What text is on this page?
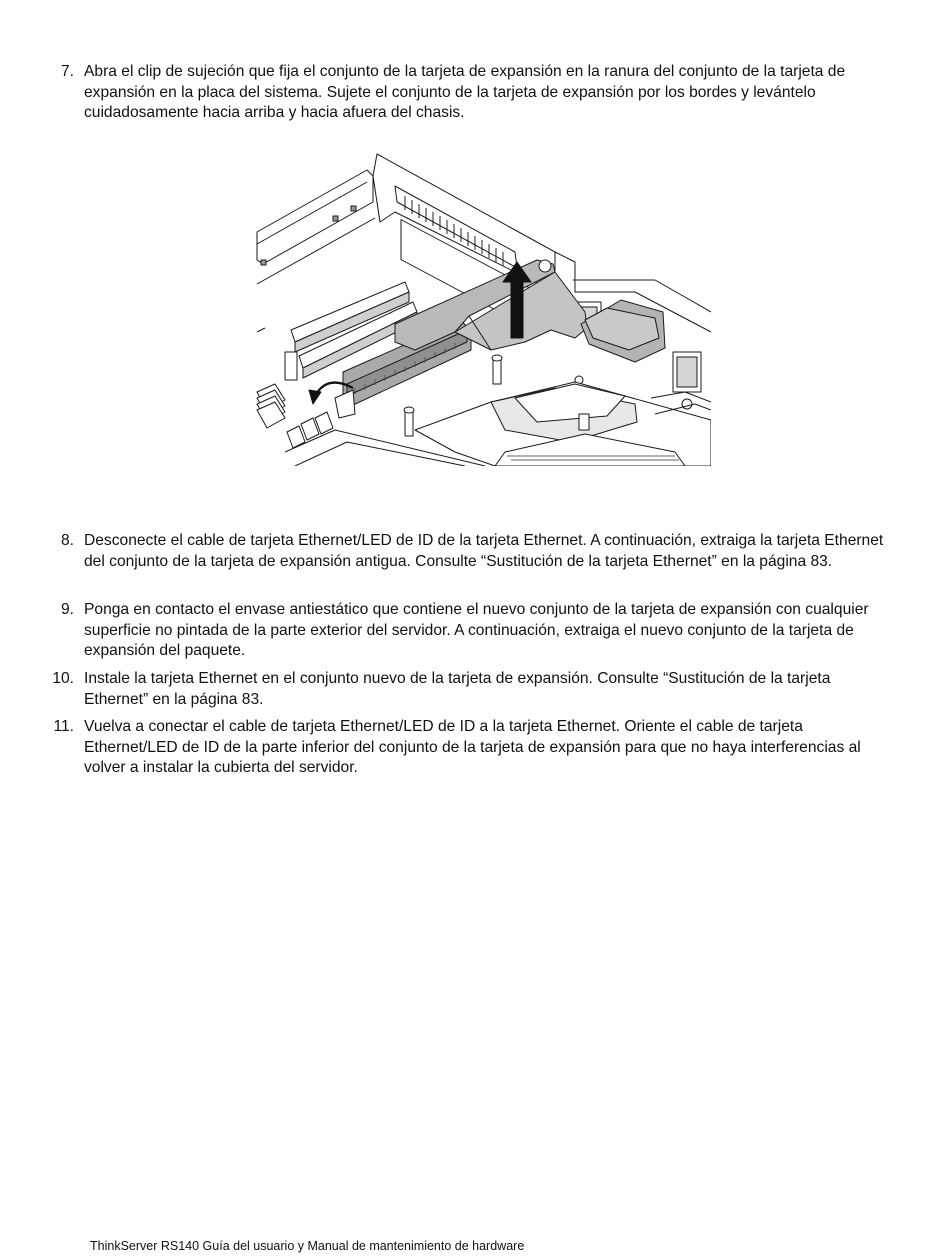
7. Abra el clip de sujeción que fija el conjunto de la tarjeta de expansión en la ranura del conjunto de la tarjeta de expansión en la placa del sistema. Sujete el conjunto de la tarjeta de expansión por los bordes y levántelo cuidadosamente hacia arriba y hacia afuera del chasis.
8. Desconecte el cable de tarjeta Ethernet/LED de ID de la tarjeta Ethernet. A continuación, extraiga la tarjeta Ethernet del conjunto de la tarjeta de expansión antigua. Consulte “Sustitución de la tarjeta Ethernet” en la página 83.
9. Ponga en contacto el envase antiestático que contiene el nuevo conjunto de la tarjeta de expansión con cualquier superficie no pintada de la parte exterior del servidor. A continuación, extraiga el nuevo conjunto de la tarjeta de expansión del paquete.
10. Instale la tarjeta Ethernet en el conjunto nuevo de la tarjeta de expansión. Consulte “Sustitución de la tarjeta Ethernet” en la página 83.
11. Vuelva a conectar el cable de tarjeta Ethernet/LED de ID a la tarjeta Ethernet. Oriente el cable de tarjeta Ethernet/LED de ID de la parte inferior del conjunto de la tarjeta de expansión para que no haya interferencias al volver a instalar la cubierta del servidor.
ThinkServer RS140 Guía del usuario y Manual de mantenimiento de hardware
